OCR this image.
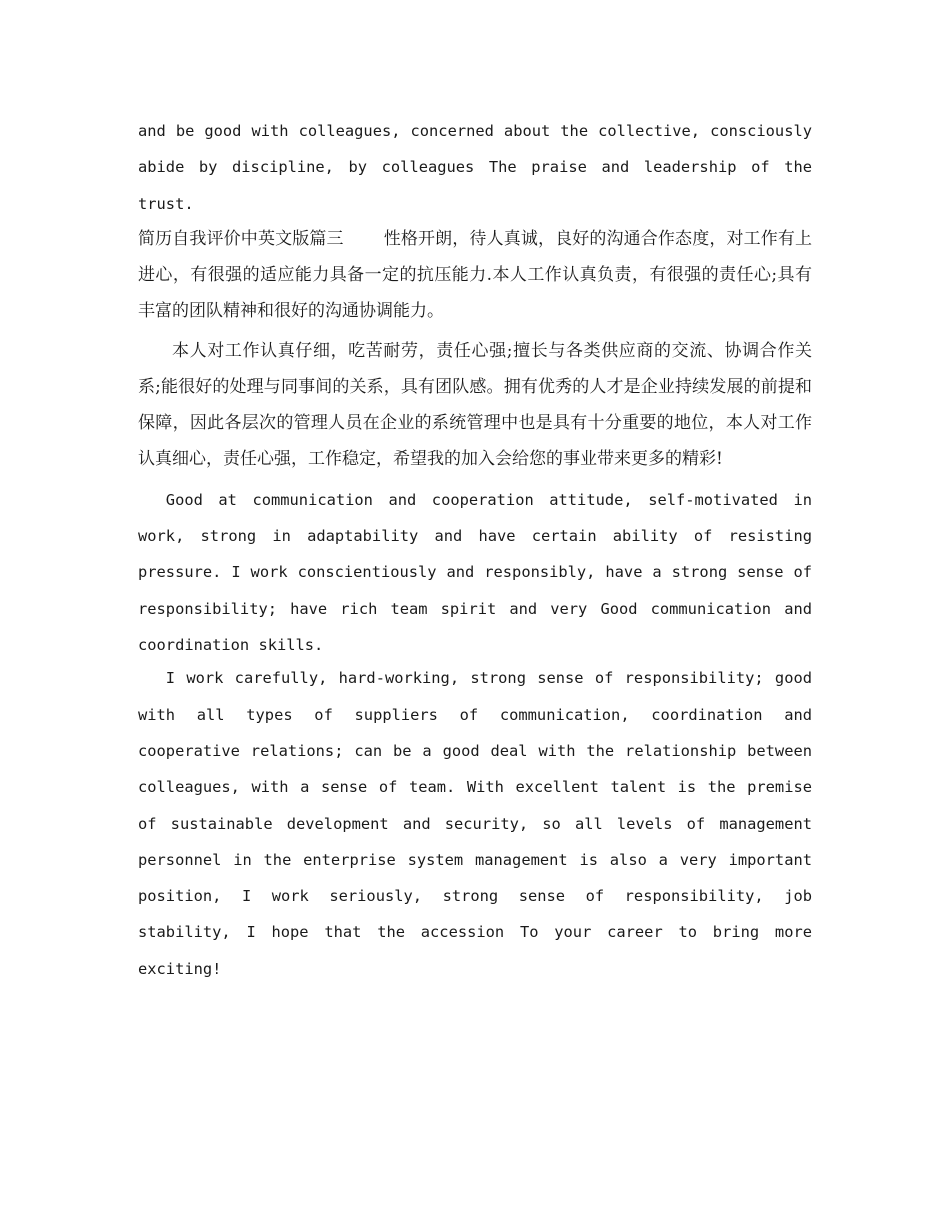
and be good with colleagues, concerned about the collective, consciously abide by discipline, by colleagues The praise and leadership of the trust.

简历自我评价中英文版篇三 性格开朗，待人真诚，良好的沟通合作态度，对工作有上进心，有很强的适应能力具备一定的抗压能力.本人工作认真负责，有很强的责任心;具有丰富的团队精神和很好的沟通协调能力。

本人对工作认真仔细，吃苦耐劳，责任心强;擅长与各类供应商的交流、协调合作关系;能很好的处理与同事间的关系，具有团队感。拥有优秀的人才是企业持续发展的前提和保障，因此各层次的管理人员在企业的系统管理中也是具有十分重要的地位，本人对工作认真细心，责任心强，工作稳定，希望我的加入会给您的事业带来更多的精彩!

Good at communication and cooperation attitude, self-motivated in work, strong in adaptability and have certain ability of resisting pressure. I work conscientiously and responsibly, have a strong sense of responsibility; have rich team spirit and very Good communication and coordination skills.

I work carefully, hard-working, strong sense of responsibility; good with all types of suppliers of communication, coordination and cooperative relations; can be a good deal with the relationship between colleagues, with a sense of team. With excellent talent is the premise of sustainable development and security, so all levels of management personnel in the enterprise system management is also a very important position, I work seriously, strong sense of responsibility, job stability, I hope that the accession To your career to bring more exciting!
